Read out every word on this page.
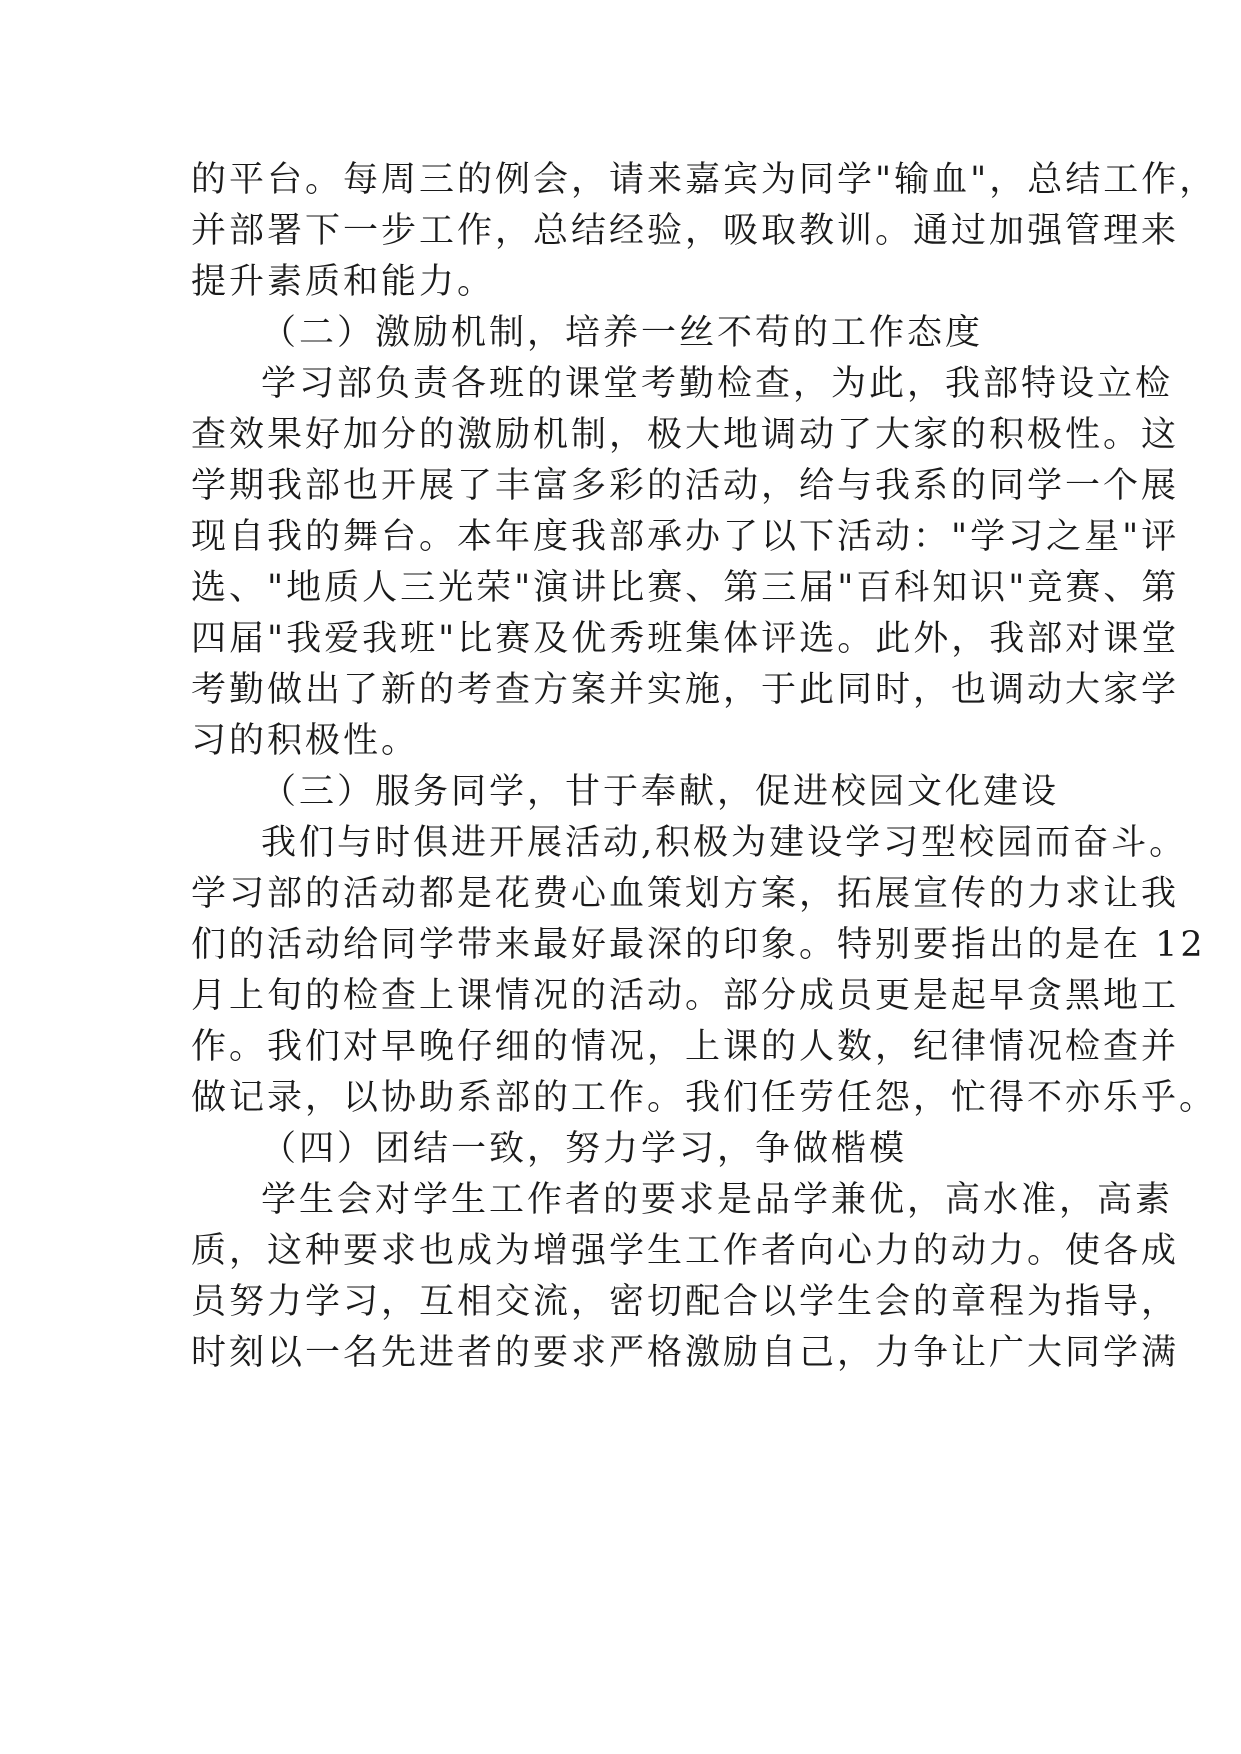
的平台。每周三的例会，请来嘉宾为同学"输血"，总结工作，
并部署下一步工作，总结经验，吸取教训。通过加强管理来
提升素质和能力。
（二）激励机制，培养一丝不苟的工作态度
学习部负责各班的课堂考勤检查，为此，我部特设立检
查效果好加分的激励机制，极大地调动了大家的积极性。这
学期我部也开展了丰富多彩的活动，给与我系的同学一个展
现自我的舞台。本年度我部承办了以下活动："学习之星"评
选、"地质人三光荣"演讲比赛、第三届"百科知识"竞赛、第
四届"我爱我班"比赛及优秀班集体评选。此外，我部对课堂
考勤做出了新的考查方案并实施，于此同时，也调动大家学
习的积极性。
（三）服务同学，甘于奉献，促进校园文化建设
我们与时俱进开展活动,积极为建设学习型校园而奋斗。
学习部的活动都是花费心血策划方案，拓展宣传的力求让我
们的活动给同学带来最好最深的印象。特别要指出的是在 12
月上旬的检查上课情况的活动。部分成员更是起早贪黑地工
作。我们对早晚仔细的情况，上课的人数，纪律情况检查并
做记录，以协助系部的工作。我们任劳任怨，忙得不亦乐乎。
（四）团结一致，努力学习，争做楷模
学生会对学生工作者的要求是品学兼优，高水准，高素
质，这种要求也成为增强学生工作者向心力的动力。使各成
员努力学习，互相交流，密切配合以学生会的章程为指导，
时刻以一名先进者的要求严格激励自己，力争让广大同学满
